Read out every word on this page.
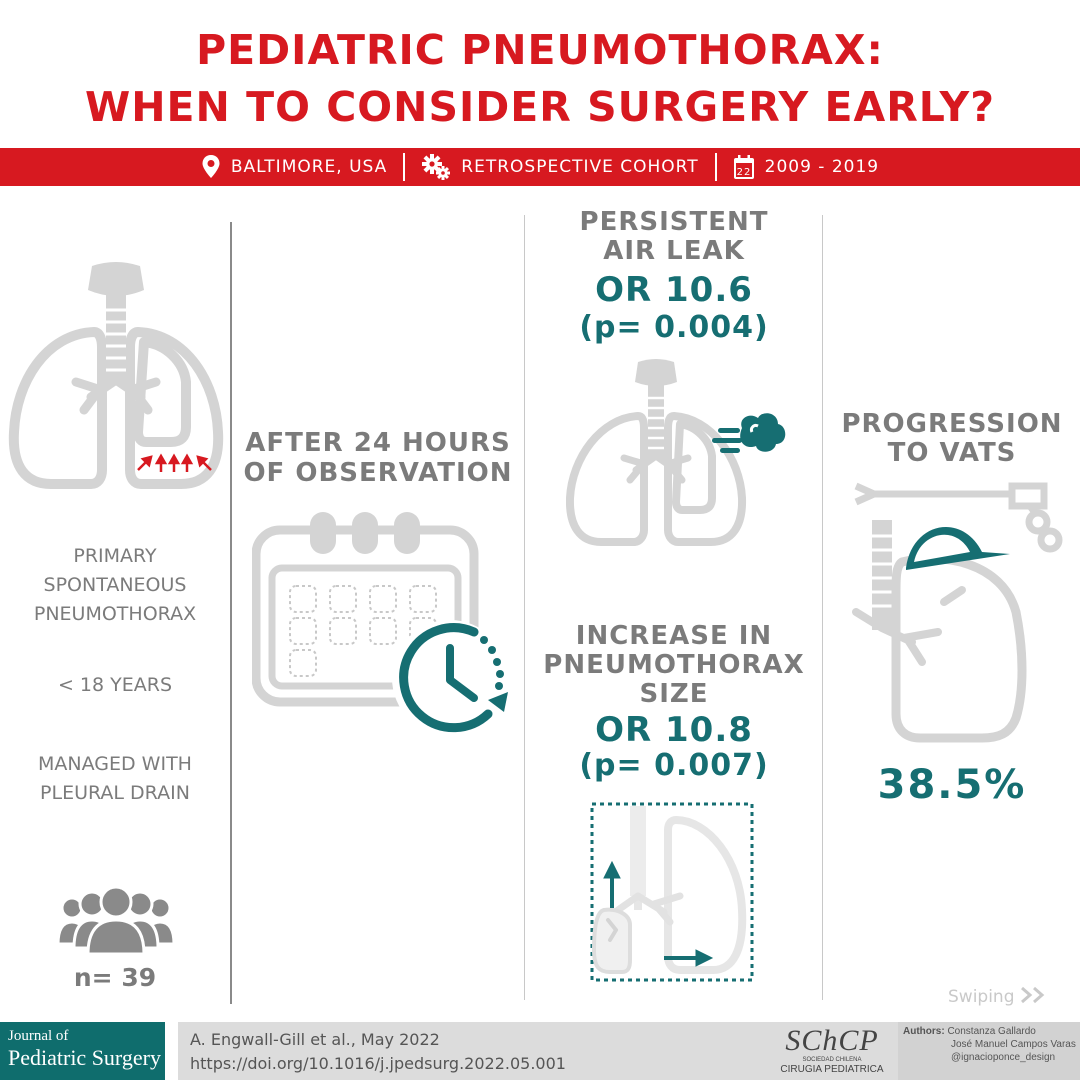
PEDIATRIC PNEUMOTHORAX:
WHEN TO CONSIDER SURGERY EARLY?
BALTIMORE, USA	RETROSPECTIVE COHORT	22 2009 - 2019
PRIMARY
SPONTANEOUS
PNEUMOTHORAX
< 18 YEARS
MANAGED WITH
PLEURAL DRAIN
n= 39
AFTER 24 HOURS
OF OBSERVATION
PERSISTENT
AIR LEAK
OR 10.6
(p= 0.004)
INCREASE IN
PNEUMOTHORAX
SIZE
OR 10.8
(p= 0.007)
PROGRESSION
TO VATS
38.5%
Swiping
Journal of
Pediatric Surgery
A. Engwall-Gill et al., May 2022
https://doi.org/10.1016/j.jpedsurg.2022.05.001
SChCP
SOCIEDAD CHILENA
CIRUGIA PEDIATRICA
Authors: Constanza Gallardo
José Manuel Campos Varas
@ignacioponce_design
